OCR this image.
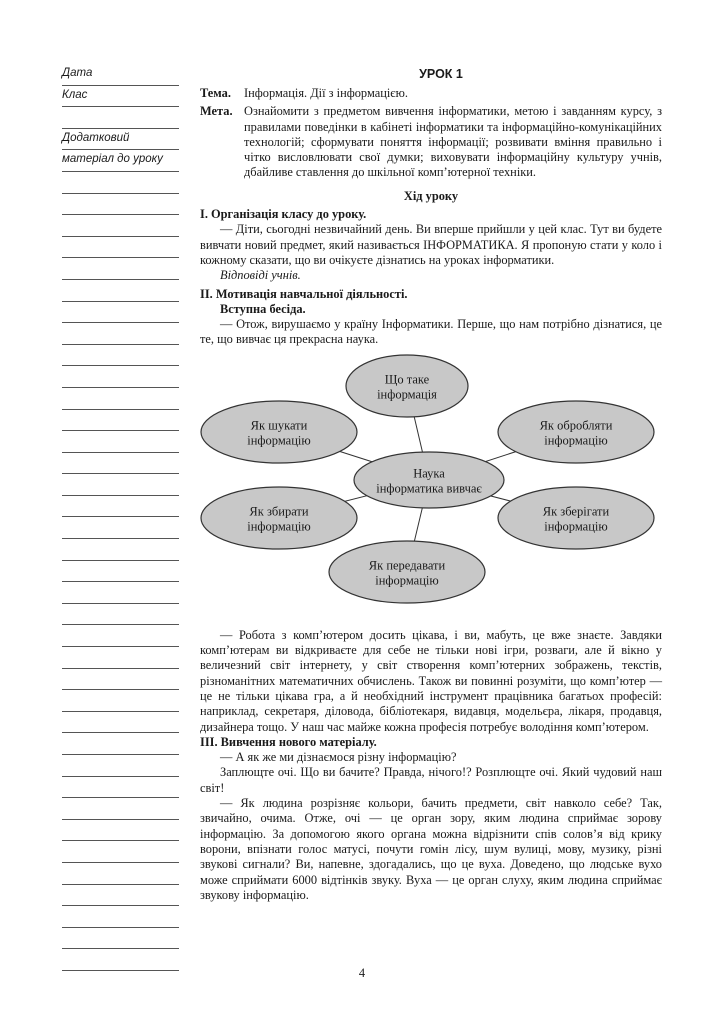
Дата
Клас
Додатковий
матеріал до уроку
УРОК 1
Тема.	Інформація. Дії з інформацією.
Мета. Ознайомити з предметом вивчення інформатики, метою і завданням курсу, з правилами поведінки в кабінеті інформатики та інформаційно-комунікаційних технологій; сформувати поняття інформації; розвивати вміння правильно і чітко висловлювати свої думки; виховувати інформаційну культуру учнів, дбайливе ставлення до шкільної комп’ютерної техніки.
Хід уроку
I. Організація класу до уроку.

— Діти, сьогодні незвичайний день. Ви вперше прийшли у цей клас. Тут ви будете вивчати новий предмет, який називається ІНФОРМАТИКА. Я пропоную стати у коло і кожному сказати, що ви очікуєте дізнатись на уроках інформатики.

Відповіді учнів.
II. Мотивація навчальної діяльності.
Вступна бесіда.

— Отож, вирушаємо у країну Інформатики. Перше, що нам потрібно дізнатися, це те, що вивчає ця прекрасна наука.

Що таке
інформація
Як шукати
інформацію
Як обробляти
інформацію
Як збирати
інформацію
Як зберігати
інформацію
Як передавати
інформацію
Наука
інформатика вивчає

— Робота з комп’ютером досить цікава, і ви, мабуть, це вже знаєте. Завдяки комп’ютерам ви відкриваєте для себе не тільки нові ігри, розваги, але й вікно у величезний світ інтернету, у світ створення комп’ютерних зображень, текстів, різноманітних математичних обчислень. Також ви повинні розуміти, що комп’ютер — це не тільки цікава гра, а й необхідний інструмент працівника багатьох професій: наприклад, секретаря, діловода, бібліотекаря, видавця, модельєра, лікаря, продавця, дизайнера тощо. У наш час майже кожна професія потребує володіння комп’ютером.

III. Вивчення нового матеріалу.

— А як же ми дізнаємося різну інформацію?

Заплющте очі. Що ви бачите? Правда, нічого!? Розплющте очі. Який чудовий наш світ!

— Як людина розрізняє кольори, бачить предмети, світ навколо себе? Так, звичайно, очима. Отже, очі — це орган зору, яким людина сприймає зорову інформацію. За допомогою якого органа можна відрізнити спів солов’я від крику ворони, впізнати голос матусі, почути гомін лісу, шум вулиці, мову, музику, різні звукові сигнали? Ви, напевне, здогадались, що це вуха. Доведено, що людське вухо може сприймати 6000 відтінків звуку. Вуха — це орган слуху, яким людина сприймає звукову інформацію.

4
